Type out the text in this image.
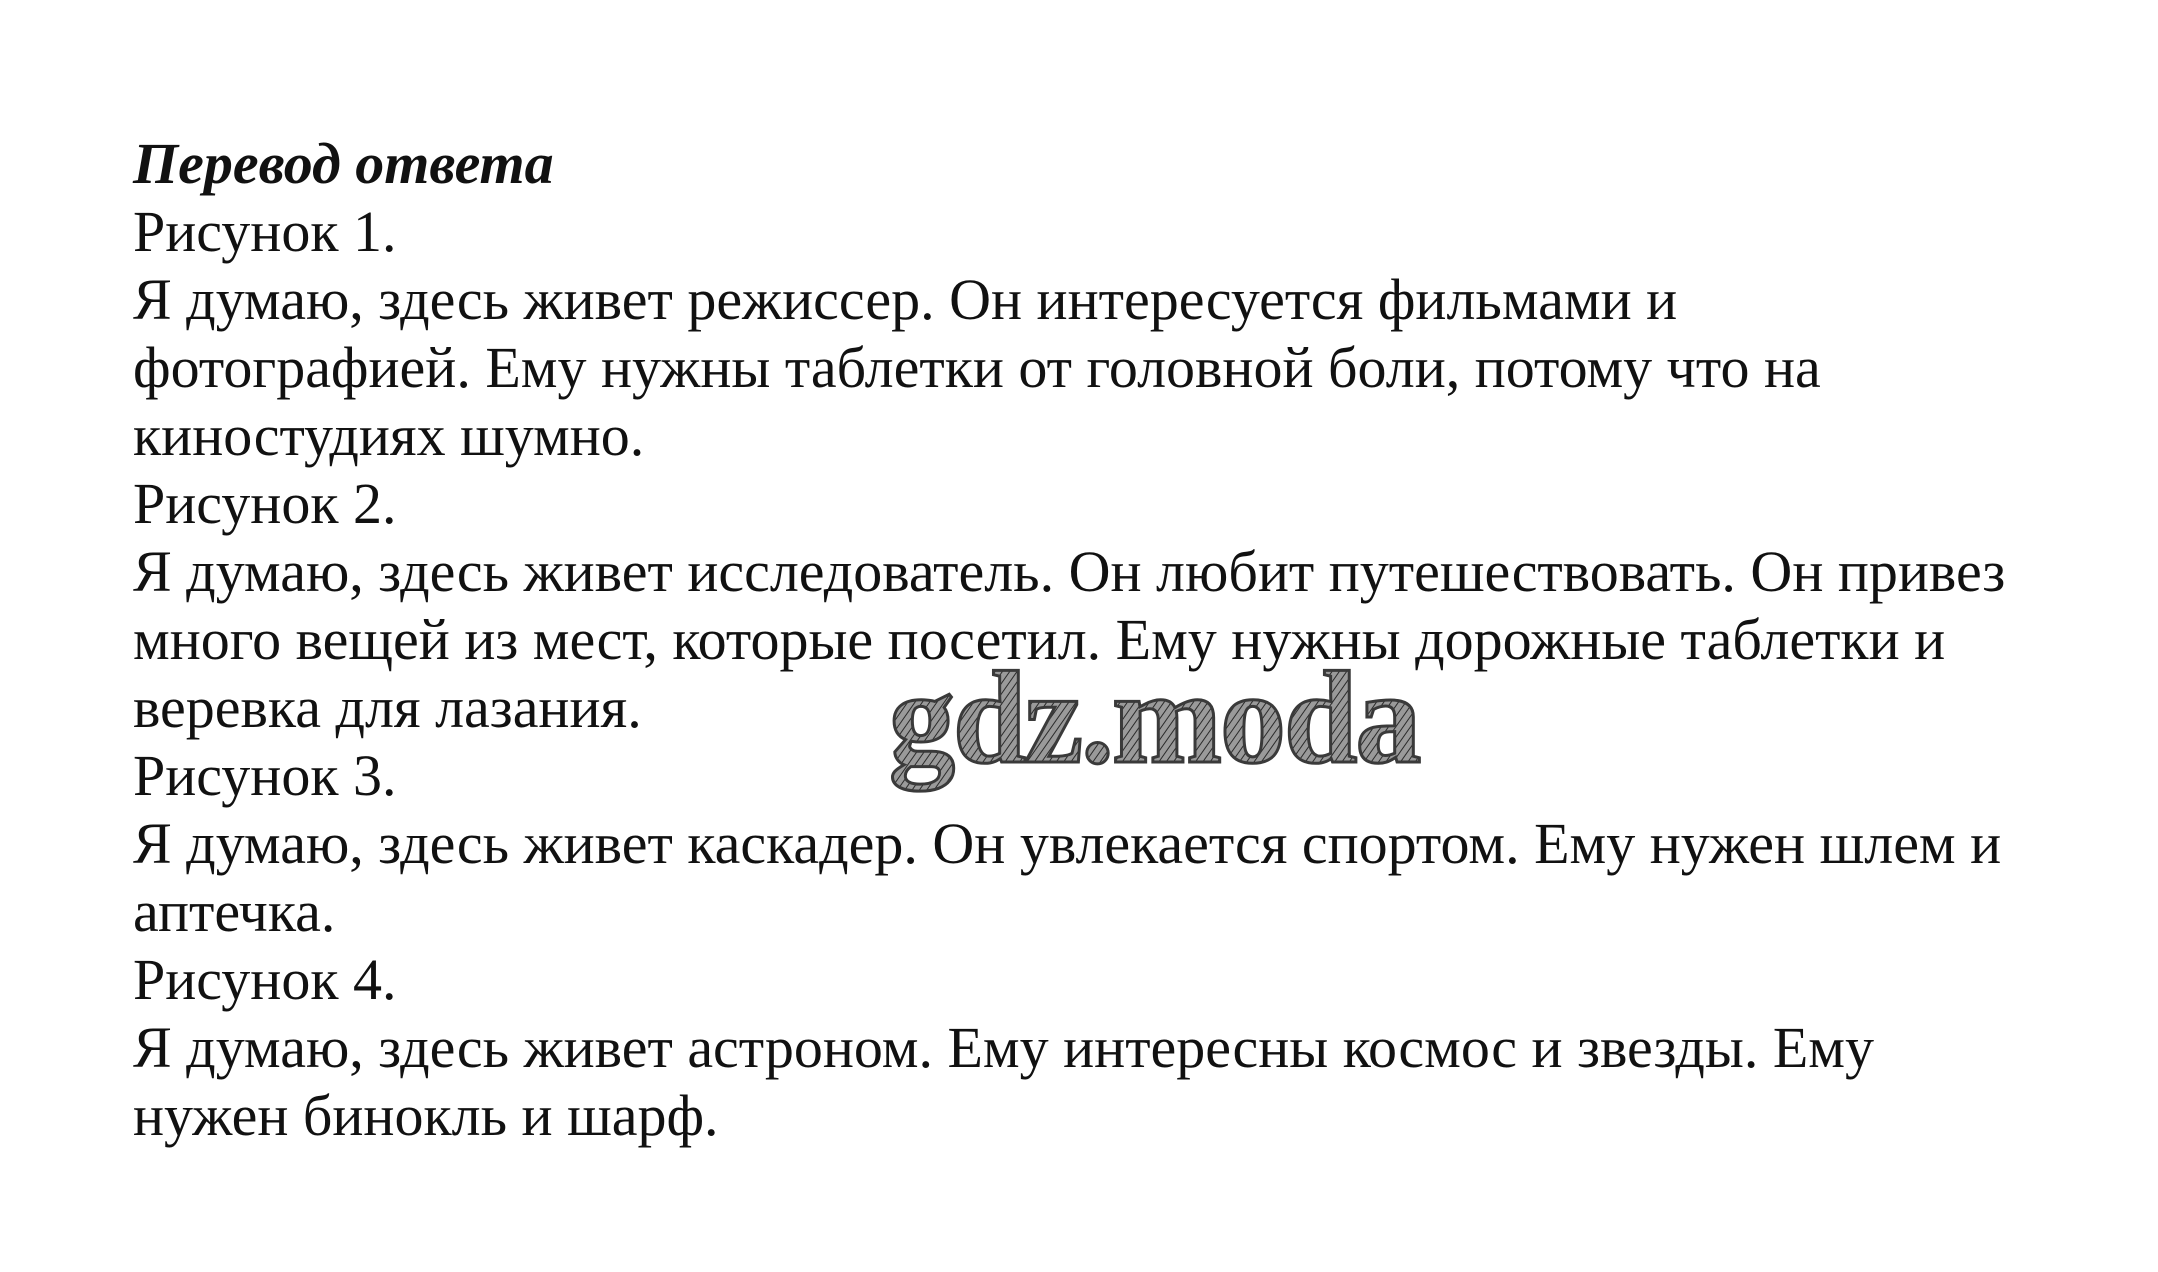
Перевод ответа

Рисунок 1.
Я думаю, здесь живет режиссер. Он интересуется фильмами и
фотографией. Ему нужны таблетки от головной боли, потому что на
киностудиях шумно.
Рисунок 2.
Я думаю, здесь живет исследователь. Он любит путешествовать. Он привез
много вещей из мест, которые посетил. Ему нужны дорожные таблетки и
веревка для лазания.
Рисунок 3.
Я думаю, здесь живет каскадер. Он увлекается спортом. Ему нужен шлем и
аптечка.
Рисунок 4.
Я думаю, здесь живет астроном. Ему интересны космос и звезды. Ему
нужен бинокль и шарф.
gdz.moda
